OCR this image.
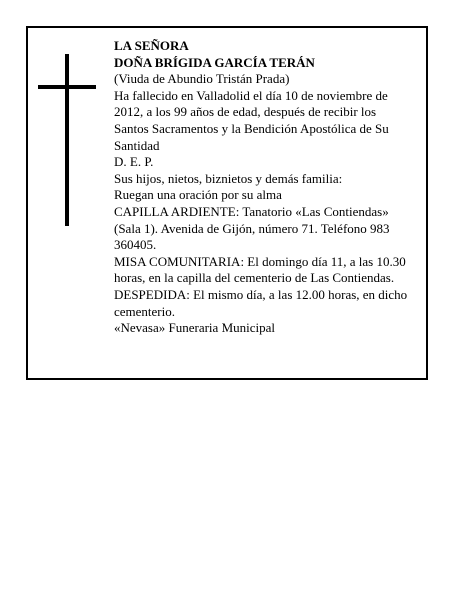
LA SEÑORA

DOÑA BRÍGIDA GARCÍA TERÁN

(Viuda de Abundio Tristán Prada)

Ha fallecido en Valladolid el día 10 de noviembre de 2012, a los 99 años de edad, después de recibir los Santos Sacramentos y la Bendición Apostólica de Su Santidad

D. E. P.

Sus hijos, nietos, biznietos y demás familia:

Ruegan una oración por su alma

CAPILLA ARDIENTE: Tanatorio «Las Contiendas» (Sala 1). Avenida de Gijón, número 71. Teléfono 983 360405.

MISA COMUNITARIA: El domingo día 11, a las 10.30 horas, en la capilla del cementerio de Las Contiendas.

DESPEDIDA: El mismo día, a las 12.00 horas, en dicho cementerio.

«Nevasa» Funeraria Municipal
